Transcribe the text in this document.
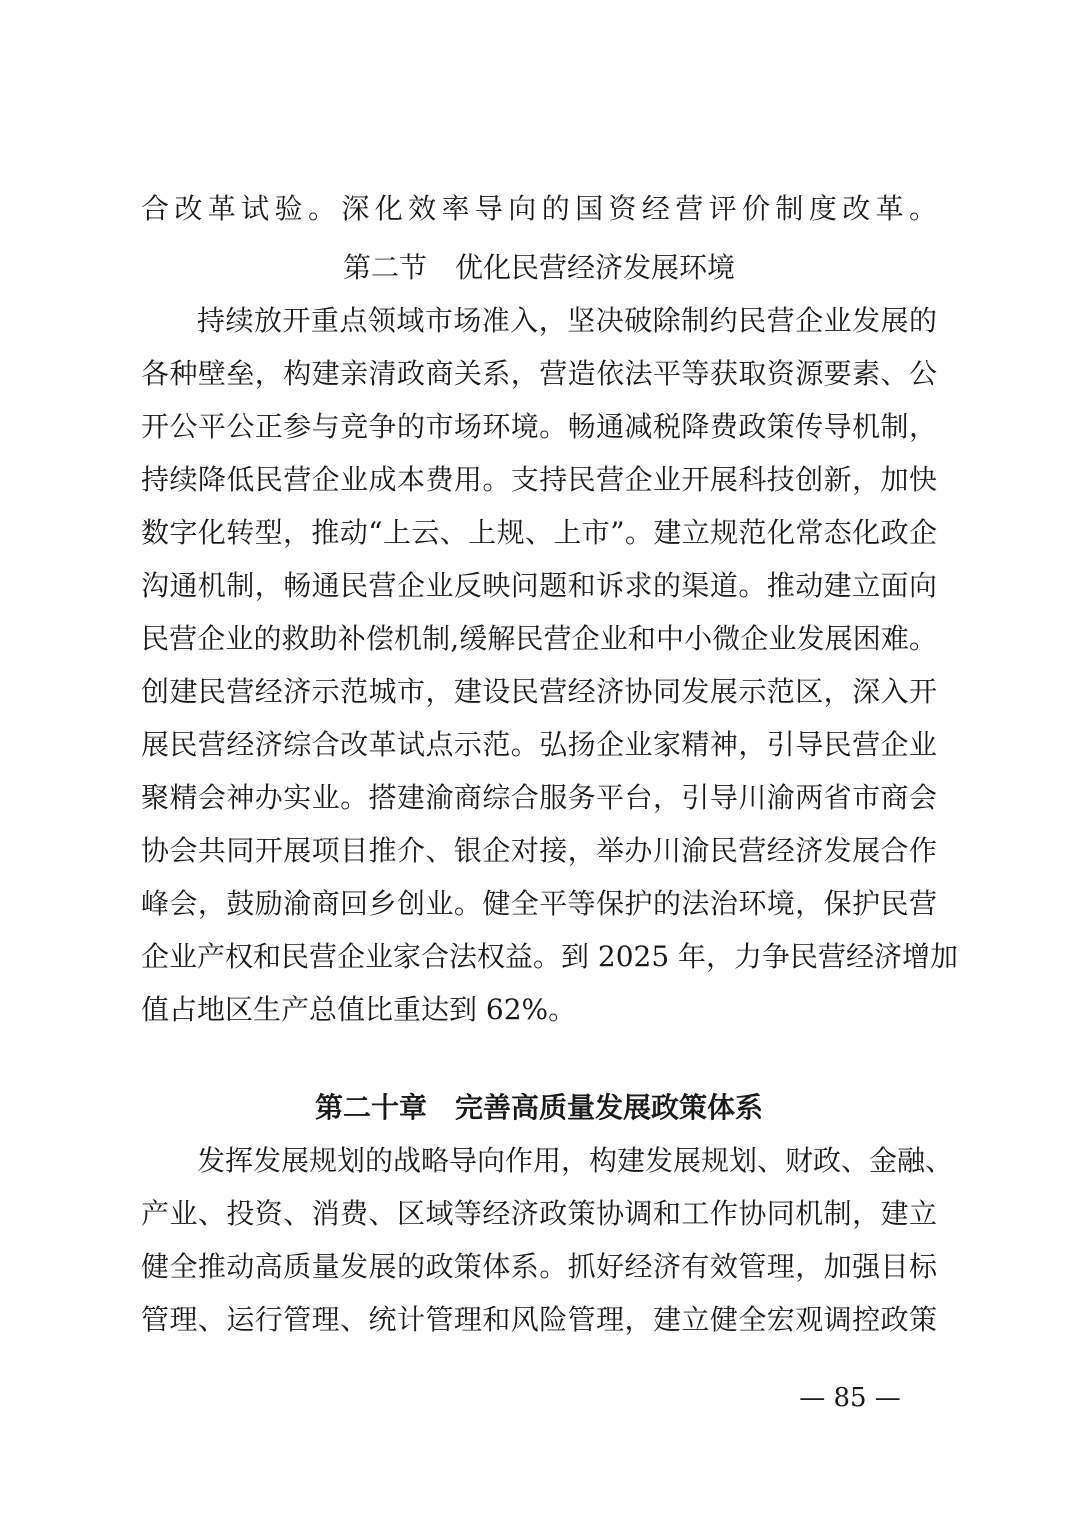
合改革试验。深化效率导向的国资经营评价制度改革。
第二节　优化民营经济发展环境
持续放开重点领域市场准入，坚决破除制约民营企业发展的
各种壁垒，构建亲清政商关系，营造依法平等获取资源要素、公
开公平公正参与竞争的市场环境。畅通减税降费政策传导机制，
持续降低民营企业成本费用。支持民营企业开展科技创新，加快
数字化转型，推动“上云、上规、上市”。建立规范化常态化政企
沟通机制，畅通民营企业反映问题和诉求的渠道。推动建立面向
民营企业的救助补偿机制,缓解民营企业和中小微企业发展困难。
创建民营经济示范城市，建设民营经济协同发展示范区，深入开
展民营经济综合改革试点示范。弘扬企业家精神，引导民营企业
聚精会神办实业。搭建渝商综合服务平台，引导川渝两省市商会
协会共同开展项目推介、银企对接，举办川渝民营经济发展合作
峰会，鼓励渝商回乡创业。健全平等保护的法治环境，保护民营
企业产权和民营企业家合法权益。到 2025 年，力争民营经济增加
值占地区生产总值比重达到 62%。
第二十章　完善高质量发展政策体系
发挥发展规划的战略导向作用，构建发展规划、财政、金融、
产业、投资、消费、区域等经济政策协调和工作协同机制，建立
健全推动高质量发展的政策体系。抓好经济有效管理，加强目标
管理、运行管理、统计管理和风险管理，建立健全宏观调控政策
— 85 —
